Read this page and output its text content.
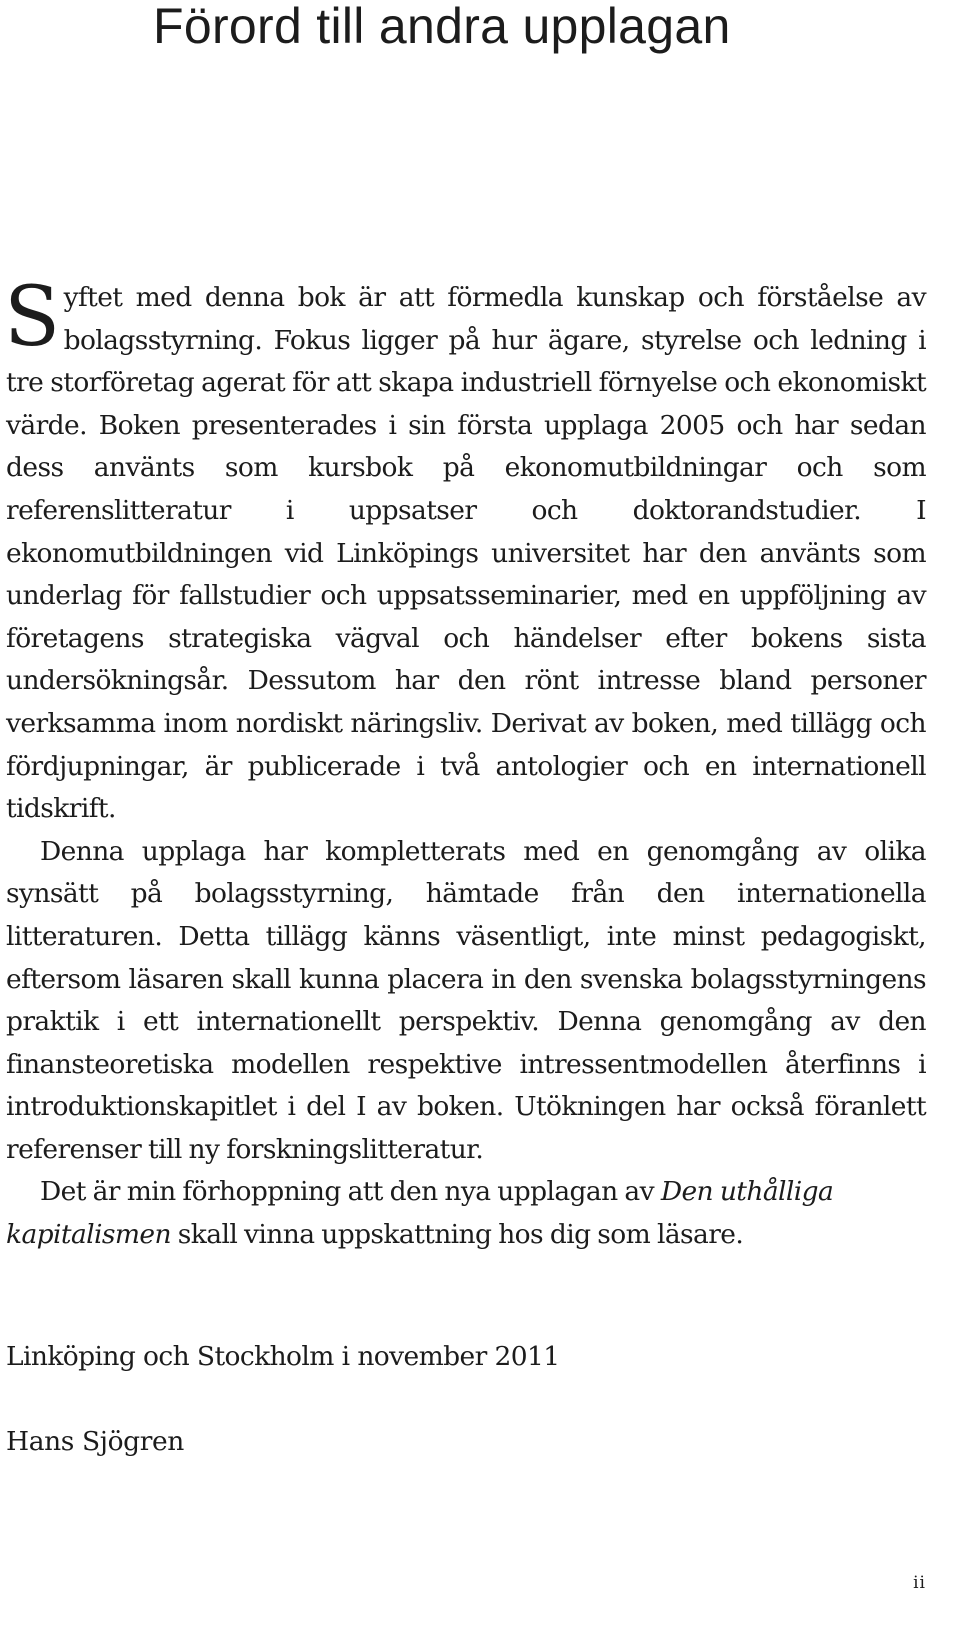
Förord till andra upplagan

Syftet med denna bok är att förmedla kunskap och förståelse av bolagsstyrning. Fokus ligger på hur ägare, styrelse och ledning i tre storföretag agerat för att skapa industriell förnyelse och ekonomiskt värde. Boken presenterades i sin första upplaga 2005 och har sedan dess använts som kursbok på ekonomutbildningar och som referenslitteratur i uppsatser och doktorandstudier. I ekonomutbildningen vid Linköpings universitet har den använts som underlag för fallstudier och uppsatsseminarier, med en uppföljning av företagens strategiska vägval och händelser efter bokens sista undersökningsår. Dessutom har den rönt intresse bland personer verksamma inom nordiskt näringsliv. Derivat av boken, med tillägg och fördjupningar, är publicerade i två antologier och en internationell tidskrift.

Denna upplaga har kompletterats med en genomgång av olika synsätt på bolagsstyrning, hämtade från den internationella litteraturen. Detta tillägg känns väsentligt, inte minst pedagogiskt, eftersom läsaren skall kunna placera in den svenska bolagsstyrningens praktik i ett internationellt perspektiv. Denna genomgång av den finansteoretiska modellen respektive intressentmodellen återfinns i introduktionskapitlet i del I av boken. Utökningen har också föranlett referenser till ny forskningslitteratur.

Det är min förhoppning att den nya upplagan av Den uthålliga kapitalismen skall vinna uppskattning hos dig som läsare.

Linköping och Stockholm i november 2011
Hans Sjögren
ii
